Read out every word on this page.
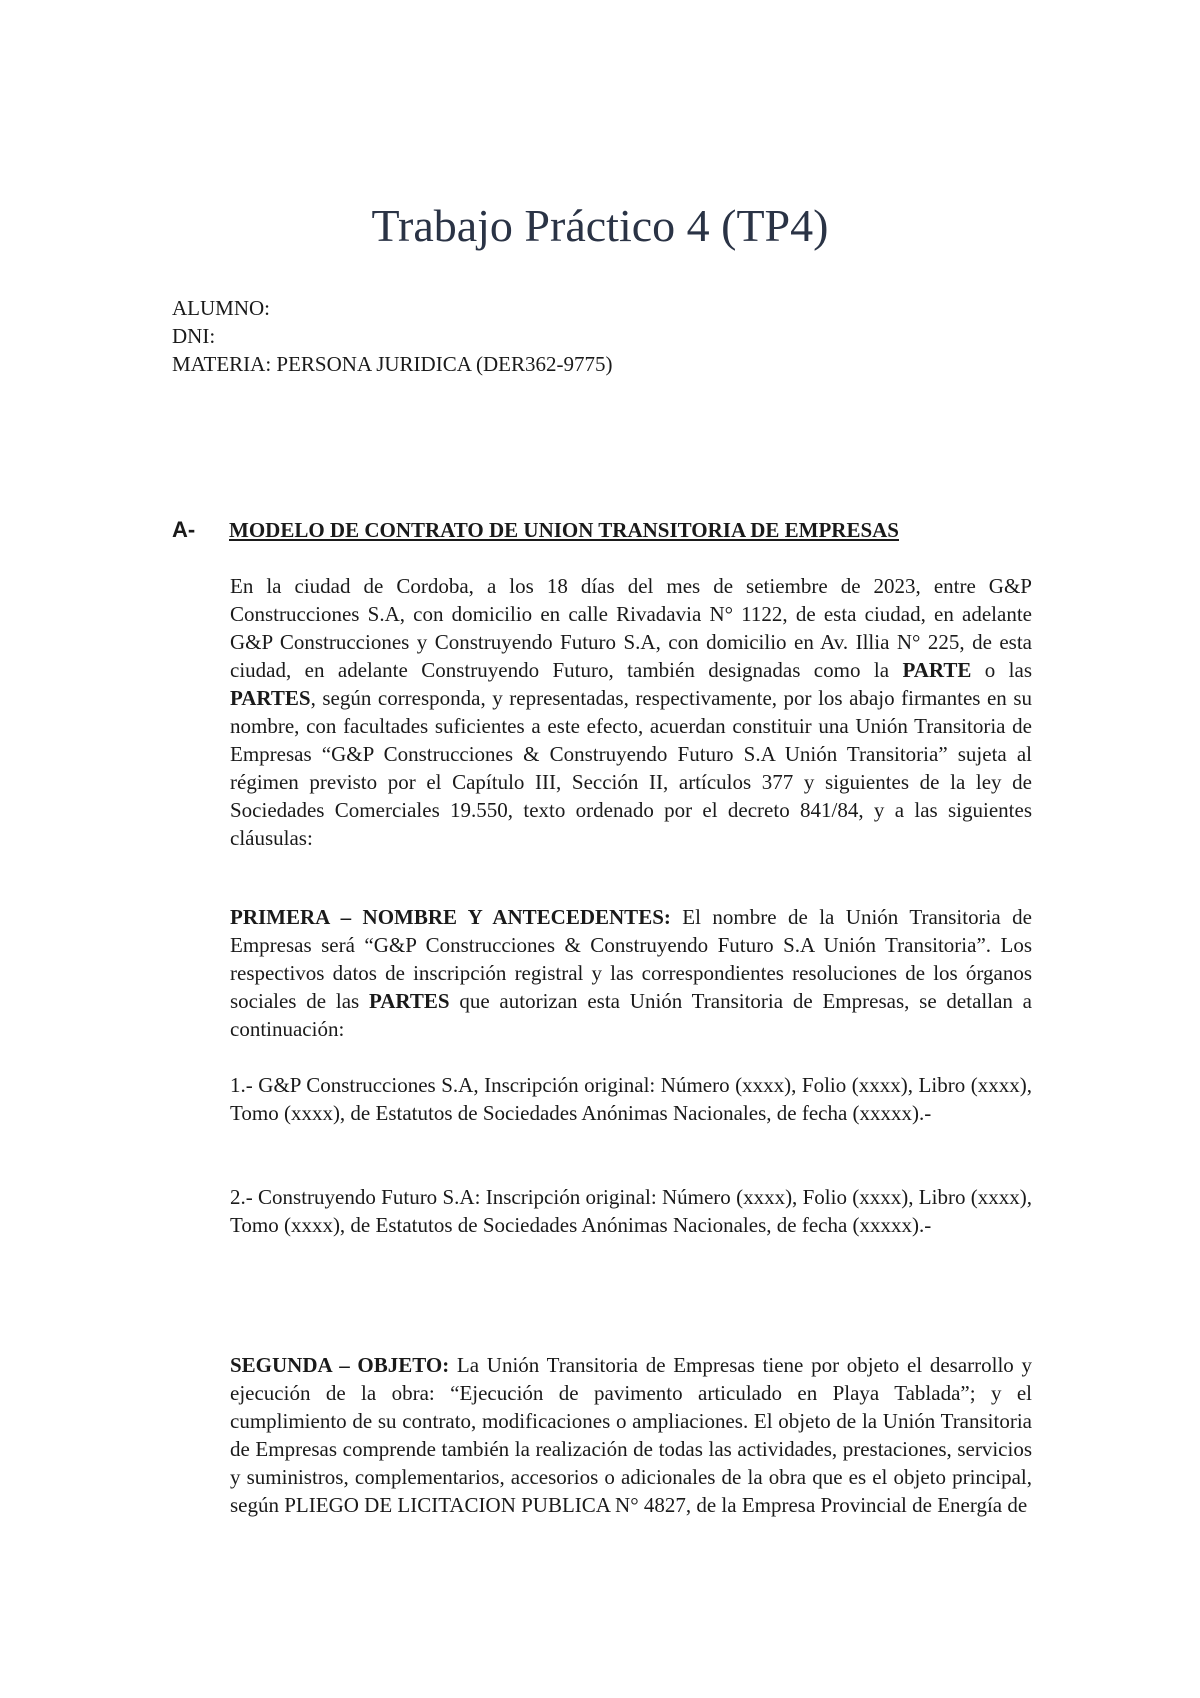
Trabajo Práctico 4 (TP4)
ALUMNO:
DNI:
MATERIA: PERSONA JURIDICA (DER362-9775)
A- MODELO DE CONTRATO DE UNION TRANSITORIA DE EMPRESAS

En la ciudad de Cordoba, a los 18 días del mes de setiembre de 2023, entre G&P Construcciones S.A, con domicilio en calle Rivadavia N° 1122, de esta ciudad, en adelante G&P Construcciones y Construyendo Futuro S.A, con domicilio en Av. Illia N° 225, de esta ciudad, en adelante Construyendo Futuro, también designadas como la PARTE o las PARTES, según corresponda, y representadas, respectivamente, por los abajo firmantes en su nombre, con facultades suficientes a este efecto, acuerdan constituir una Unión Transitoria de Empresas “G&P Construcciones & Construyendo Futuro S.A Unión Transitoria” sujeta al régimen previsto por el Capítulo III, Sección II, artículos 377 y siguientes de la ley de Sociedades Comerciales 19.550, texto ordenado por el decreto 841/84, y a las siguientes cláusulas:

PRIMERA – NOMBRE Y ANTECEDENTES: El nombre de la Unión Transitoria de Empresas será “G&P Construcciones & Construyendo Futuro S.A Unión Transitoria”. Los respectivos datos de inscripción registral y las correspondientes resoluciones de los órganos sociales de las PARTES que autorizan esta Unión Transitoria de Empresas, se detallan a continuación:

1.- G&P Construcciones S.A, Inscripción original: Número (xxxx), Folio (xxxx), Libro (xxxx), Tomo (xxxx), de Estatutos de Sociedades Anónimas Nacionales, de fecha (xxxxx).-

2.- Construyendo Futuro S.A: Inscripción original: Número (xxxx), Folio (xxxx), Libro (xxxx), Tomo (xxxx), de Estatutos de Sociedades Anónimas Nacionales, de fecha (xxxxx).-

SEGUNDA – OBJETO: La Unión Transitoria de Empresas tiene por objeto el desarrollo y ejecución de la obra: “Ejecución de pavimento articulado en Playa Tablada”; y el cumplimiento de su contrato, modificaciones o ampliaciones. El objeto de la Unión Transitoria de Empresas comprende también la realización de todas las actividades, prestaciones, servicios y suministros, complementarios, accesorios o adicionales de la obra que es el objeto principal, según PLIEGO DE LICITACION PUBLICA N° 4827, de la Empresa Provincial de Energía de
